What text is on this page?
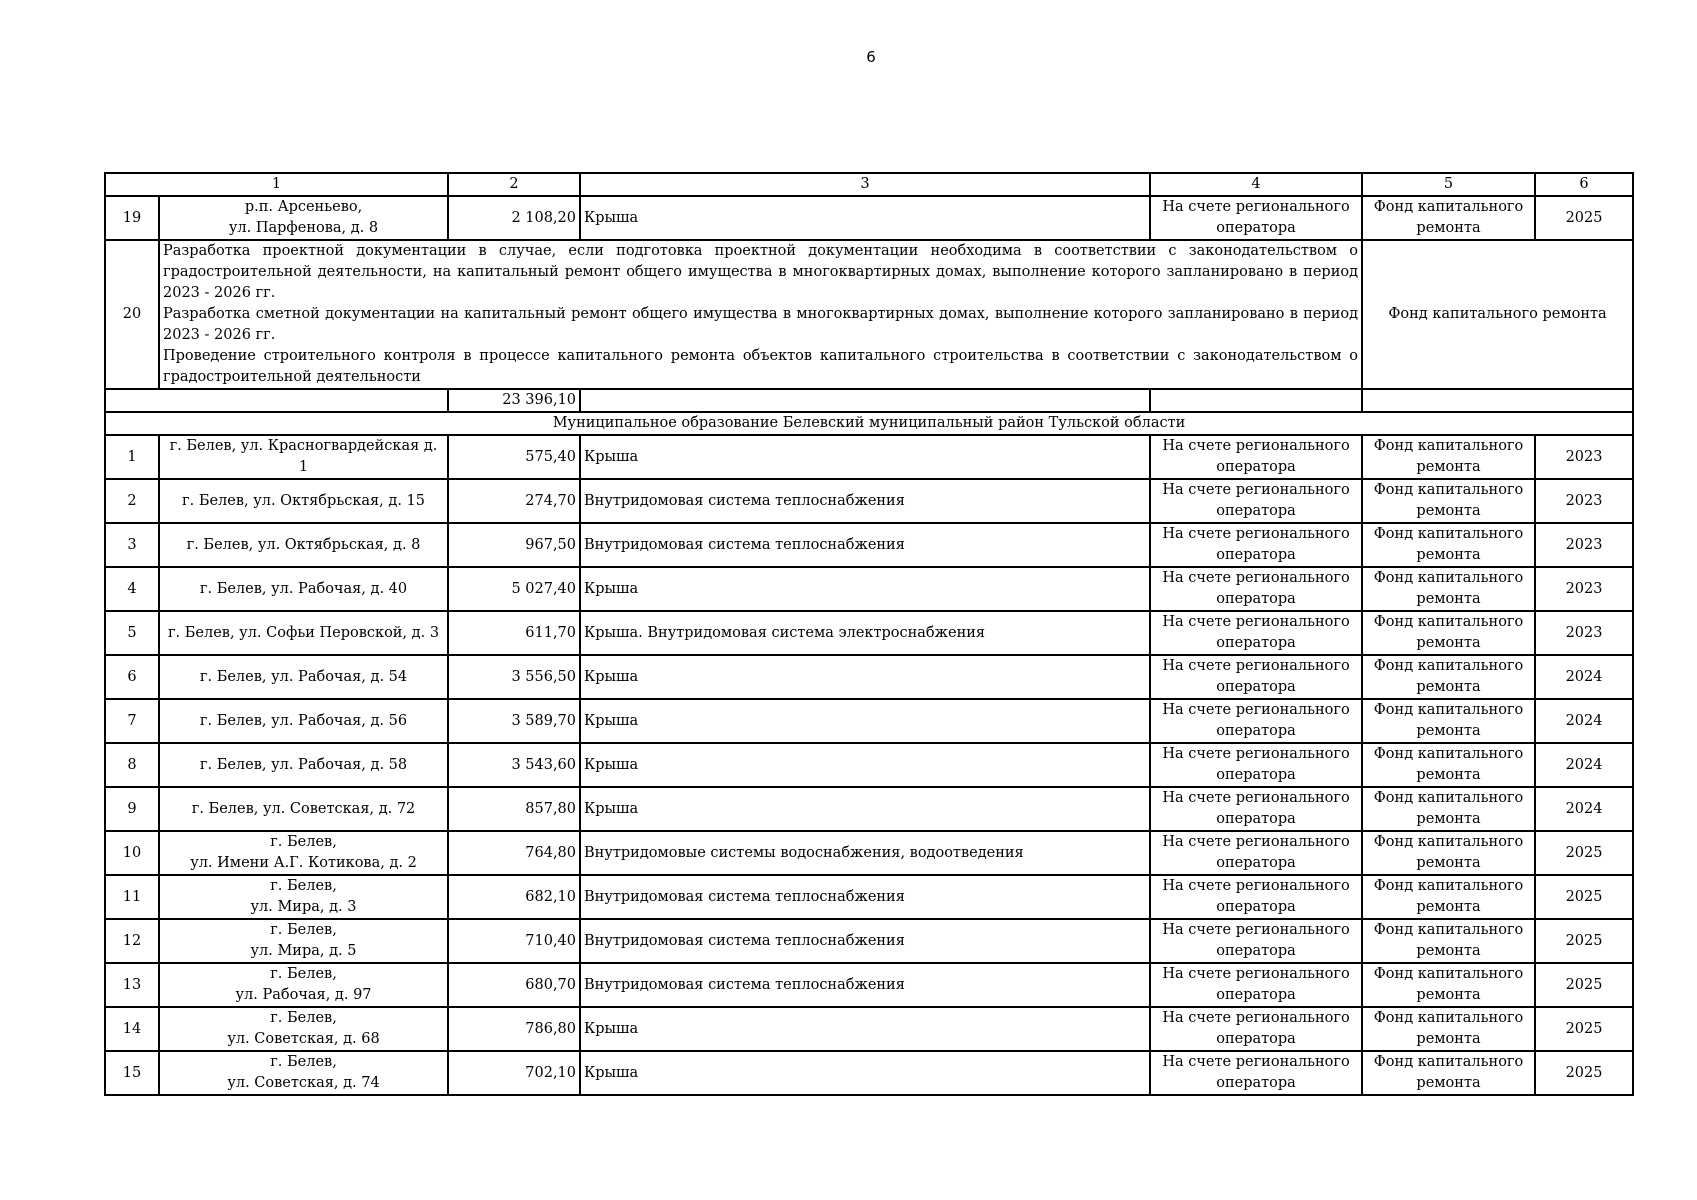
6
1		2	3	4	5	6
19	р.п. Арсеньево,
ул. Парфенова, д. 8	2 108,20	Крыша	На счете регионального оператора	Фонд капитального ремонта	2025
20	Разработка проектной документации в случае, если подготовка проектной документации необходима в соответствии с законодательством о градостроительной деятельности, на капитальный ремонт общего имущества в многоквартирных домах, выполнение которого запланировано в период 2023 - 2026 гг.
Разработка сметной документации на капитальный ремонт общего имущества в многоквартирных домах, выполнение которого запланировано в период 2023 - 2026 гг.
Проведение строительного контроля в процессе капитального ремонта объектов капитального строительства в соответствии с законодательством о градостроительной деятельности				Фонд капитального ремонта	
		23 396,10				
Муниципальное образование Белевский муниципальный район Тульской области						
1	г. Белев, ул. Красногвардейская д. 1	575,40	Крыша	На счете регионального оператора	Фонд капитального ремонта	2023
2	г. Белев, ул. Октябрьская, д. 15	274,70	Внутридомовая система теплоснабжения	На счете регионального оператора	Фонд капитального ремонта	2023
3	г. Белев, ул. Октябрьская, д. 8	967,50	Внутридомовая система теплоснабжения	На счете регионального оператора	Фонд капитального ремонта	2023
4	г. Белев, ул. Рабочая, д. 40	5 027,40	Крыша	На счете регионального оператора	Фонд капитального ремонта	2023
5	г. Белев, ул. Софьи Перовской, д. 3	611,70	Крыша. Внутридомовая система электроснабжения	На счете регионального оператора	Фонд капитального ремонта	2023
6	г. Белев, ул. Рабочая, д. 54	3 556,50	Крыша	На счете регионального оператора	Фонд капитального ремонта	2024
7	г. Белев, ул. Рабочая, д. 56	3 589,70	Крыша	На счете регионального оператора	Фонд капитального ремонта	2024
8	г. Белев, ул. Рабочая, д. 58	3 543,60	Крыша	На счете регионального оператора	Фонд капитального ремонта	2024
9	г. Белев, ул. Советская, д. 72	857,80	Крыша	На счете регионального оператора	Фонд капитального ремонта	2024
10	г. Белев,
ул. Имени А.Г. Котикова, д. 2	764,80	Внутридомовые системы водоснабжения, водоотведения	На счете регионального оператора	Фонд капитального ремонта	2025
11	г. Белев,
ул. Мира, д. 3	682,10	Внутридомовая система теплоснабжения	На счете регионального оператора	Фонд капитального ремонта	2025
12	г. Белев,
ул. Мира, д. 5	710,40	Внутридомовая система теплоснабжения	На счете регионального оператора	Фонд капитального ремонта	2025
13	г. Белев,
ул. Рабочая, д. 97	680,70	Внутридомовая система теплоснабжения	На счете регионального оператора	Фонд капитального ремонта	2025
14	г. Белев,
ул. Советская, д. 68	786,80	Крыша	На счете регионального оператора	Фонд капитального ремонта	2025
15	г. Белев,
ул. Советская, д. 74	702,10	Крыша	На счете регионального оператора	Фонд капитального ремонта	2025
